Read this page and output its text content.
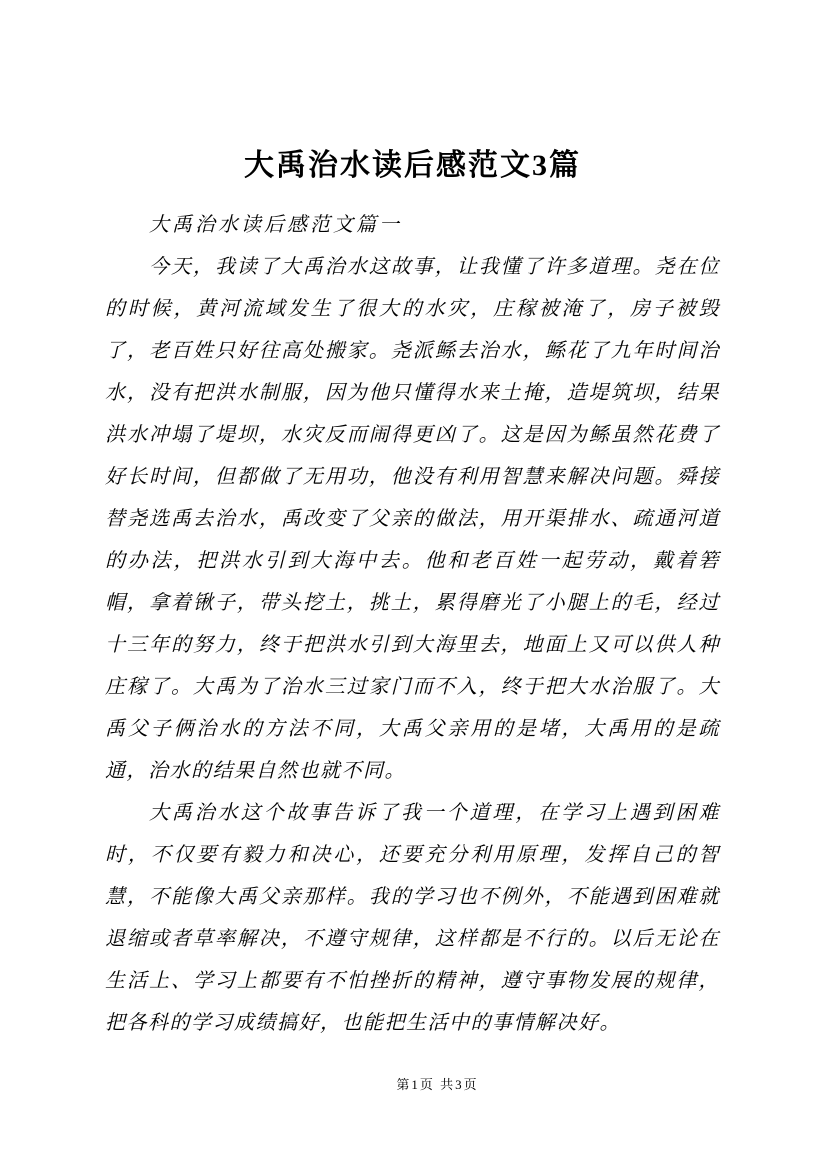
大禹治水读后感范文3篇

大禹治水读后感范文篇一

今天，我读了大禹治水这故事，让我懂了许多道理。尧在位的时候，黄河流域发生了很大的水灾，庄稼被淹了，房子被毁了，老百姓只好往高处搬家。尧派鲧去治水，鲧花了九年时间治水，没有把洪水制服，因为他只懂得水来土掩，造堤筑坝，结果洪水冲塌了堤坝，水灾反而闹得更凶了。这是因为鲧虽然花费了好长时间，但都做了无用功，他没有利用智慧来解决问题。舜接替尧选禹去治水，禹改变了父亲的做法，用开渠排水、疏通河道的办法，把洪水引到大海中去。他和老百姓一起劳动，戴着箬帽，拿着锹子，带头挖土，挑土，累得磨光了小腿上的毛，经过十三年的努力，终于把洪水引到大海里去，地面上又可以供人种庄稼了。大禹为了治水三过家门而不入，终于把大水治服了。大禹父子俩治水的方法不同，大禹父亲用的是堵，大禹用的是疏通，治水的结果自然也就不同。

大禹治水这个故事告诉了我一个道理，在学习上遇到困难时，不仅要有毅力和决心，还要充分利用原理，发挥自己的智慧，不能像大禹父亲那样。我的学习也不例外，不能遇到困难就退缩或者草率解决，不遵守规律，这样都是不行的。以后无论在生活上、学习上都要有不怕挫折的精神，遵守事物发展的规律，把各科的学习成绩搞好，也能把生活中的事情解决好。

第1页 共3页
